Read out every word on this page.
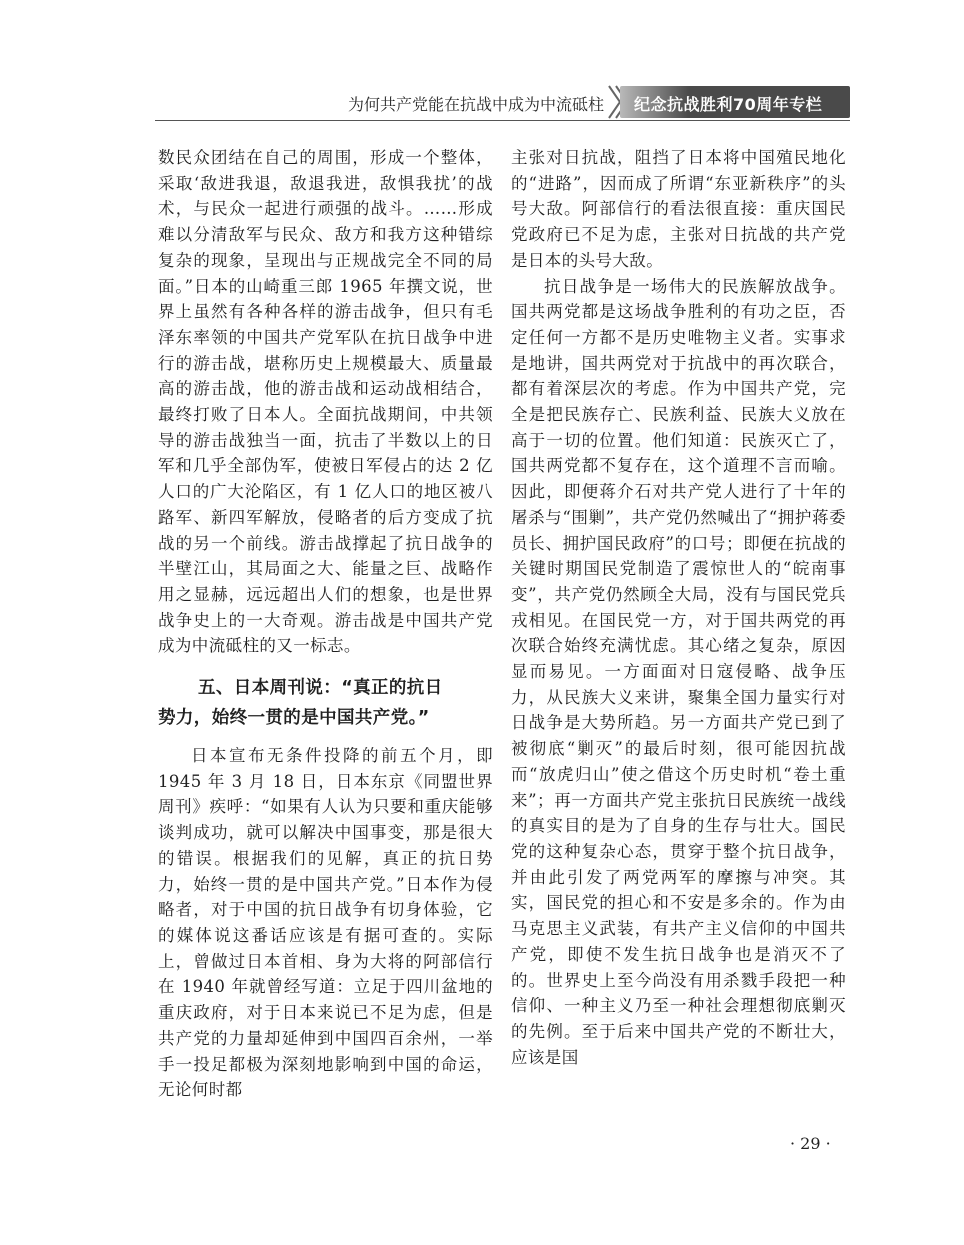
为何共产党能在抗战中成为中流砥柱 纪念抗战胜利70周年专栏

数民众团结在自己的周围，形成一个整体，采取‘敌进我退，敌退我进，敌惧我扰’的战术，与民众一起进行顽强的战斗。……形成难以分清敌军与民众、敌方和我方这种错综复杂的现象，呈现出与正规战完全不同的局面。”日本的山崎重三郎 1965 年撰文说，世界上虽然有各种各样的游击战争，但只有毛泽东率领的中国共产党军队在抗日战争中进行的游击战，堪称历史上规模最大、质量最高的游击战，他的游击战和运动战相结合，最终打败了日本人。全面抗战期间，中共领导的游击战独当一面，抗击了半数以上的日军和几乎全部伪军，使被日军侵占的达 2 亿人口的广大沦陷区，有 1 亿人口的地区被八路军、新四军解放，侵略者的后方变成了抗战的另一个前线。游击战撑起了抗日战争的半壁江山，其局面之大、能量之巨、战略作用之显赫，远远超出人们的想象，也是世界战争史上的一大奇观。游击战是中国共产党成为中流砥柱的又一标志。

五、日本周刊说：“真正的抗日
势力，始终一贯的是中国共产党。”

日本宣布无条件投降的前五个月，即 1945 年 3 月 18 日，日本东京《同盟世界周刊》疾呼：“如果有人认为只要和重庆能够谈判成功，就可以解决中国事变，那是很大的错误。根据我们的见解，真正的抗日势力，始终一贯的是中国共产党。”日本作为侵略者，对于中国的抗日战争有切身体验，它的媒体说这番话应该是有据可查的。实际上，曾做过日本首相、身为大将的阿部信行在 1940 年就曾经写道：立足于四川盆地的重庆政府，对于日本来说已不足为虑，但是共产党的力量却延伸到中国四百余州，一举手一投足都极为深刻地影响到中国的命运，无论何时都

主张对日抗战，阻挡了日本将中国殖民地化的“进路”，因而成了所谓“东亚新秩序”的头号大敌。阿部信行的看法很直接：重庆国民党政府已不足为虑，主张对日抗战的共产党是日本的头号大敌。

抗日战争是一场伟大的民族解放战争。国共两党都是这场战争胜利的有功之臣，否定任何一方都不是历史唯物主义者。实事求是地讲，国共两党对于抗战中的再次联合，都有着深层次的考虑。作为中国共产党，完全是把民族存亡、民族利益、民族大义放在高于一切的位置。他们知道：民族灭亡了，国共两党都不复存在，这个道理不言而喻。因此，即便蒋介石对共产党人进行了十年的屠杀与“围剿”，共产党仍然喊出了“拥护蒋委员长、拥护国民政府”的口号；即便在抗战的关键时期国民党制造了震惊世人的“皖南事变”，共产党仍然顾全大局，没有与国民党兵戎相见。在国民党一方，对于国共两党的再次联合始终充满忧虑。其心绪之复杂，原因显而易见。一方面面对日寇侵略、战争压力，从民族大义来讲，聚集全国力量实行对日战争是大势所趋。另一方面共产党已到了被彻底“剿灭”的最后时刻，很可能因抗战而“放虎归山”使之借这个历史时机“卷土重来”；再一方面共产党主张抗日民族统一战线的真实目的是为了自身的生存与壮大。国民党的这种复杂心态，贯穿于整个抗日战争，并由此引发了两党两军的摩擦与冲突。其实，国民党的担心和不安是多余的。作为由马克思主义武装，有共产主义信仰的中国共产党，即使不发生抗日战争也是消灭不了的。世界史上至今尚没有用杀戮手段把一种信仰、一种主义乃至一种社会理想彻底剿灭的先例。至于后来中国共产党的不断壮大，应该是国

· 29 ·
